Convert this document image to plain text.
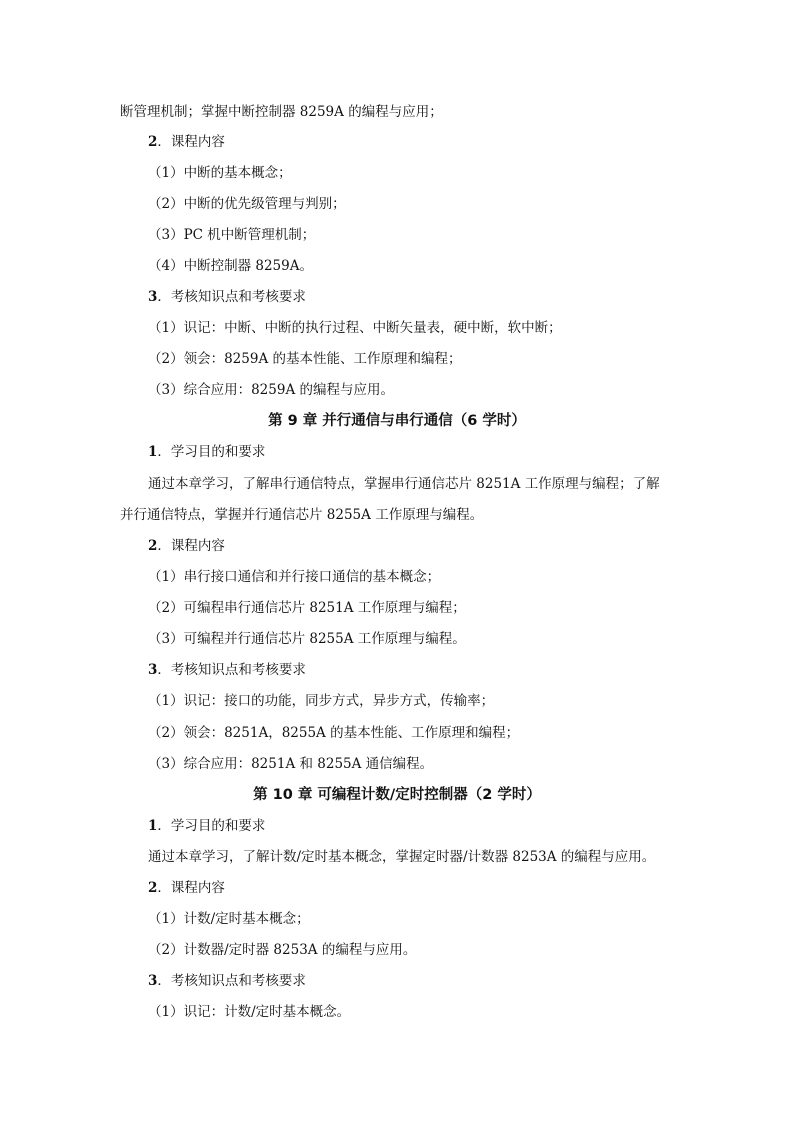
断管理机制；掌握中断控制器 8259A 的编程与应用；
2．课程内容
（1）中断的基本概念；
（2）中断的优先级管理与判别；
（3）PC 机中断管理机制；
（4）中断控制器 8259A。
3．考核知识点和考核要求
（1）识记：中断、中断的执行过程、中断矢量表，硬中断，软中断；
（2）领会：8259A 的基本性能、工作原理和编程；
（3）综合应用：8259A 的编程与应用。
第 9 章 并行通信与串行通信（6 学时）
1．学习目的和要求
通过本章学习，了解串行通信特点，掌握串行通信芯片 8251A 工作原理与编程；了解
并行通信特点，掌握并行通信芯片 8255A 工作原理与编程。
2．课程内容
（1）串行接口通信和并行接口通信的基本概念；
（2）可编程串行通信芯片 8251A 工作原理与编程；
（3）可编程并行通信芯片 8255A 工作原理与编程。
3．考核知识点和考核要求
（1）识记：接口的功能，同步方式，异步方式，传输率；
（2）领会：8251A，8255A 的基本性能、工作原理和编程；
（3）综合应用：8251A 和 8255A 通信编程。
第 10 章 可编程计数/定时控制器（2 学时）
1．学习目的和要求
通过本章学习，了解计数/定时基本概念，掌握定时器/计数器 8253A 的编程与应用。
2．课程内容
（1）计数/定时基本概念；
（2）计数器/定时器 8253A 的编程与应用。
3．考核知识点和考核要求
（1）识记：计数/定时基本概念。
